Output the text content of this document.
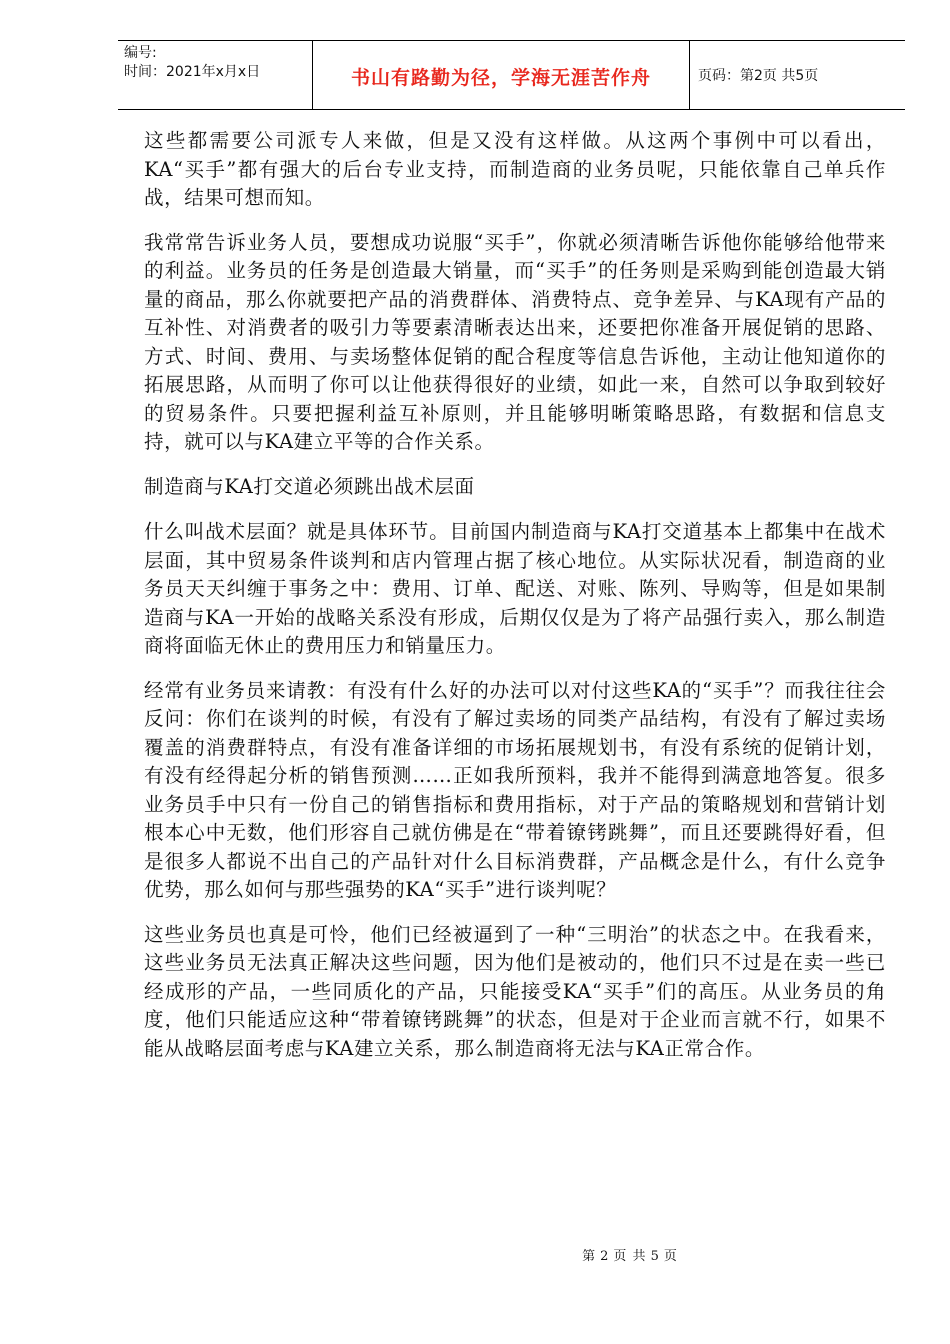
编号:
时间：2021年x月x日	书山有路勤为径，学海无涯苦作舟	页码：第2页 共5页

这些都需要公司派专人来做，但是又没有这样做。从这两个事例中可以看出，KA“买手”都有强大的后台专业支持，而制造商的业务员呢，只能依靠自己单兵作战，结果可想而知。

我常常告诉业务人员，要想成功说服“买手”，你就必须清晰告诉他你能够给他带来的利益。业务员的任务是创造最大销量，而“买手”的任务则是采购到能创造最大销量的商品，那么你就要把产品的消费群体、消费特点、竞争差异、与KA现有产品的互补性、对消费者的吸引力等要素清晰表达出来，还要把你准备开展促销的思路、方式、时间、费用、与卖场整体促销的配合程度等信息告诉他，主动让他知道你的拓展思路，从而明了你可以让他获得很好的业绩，如此一来，自然可以争取到较好的贸易条件。只要把握利益互补原则，并且能够明晰策略思路，有数据和信息支持，就可以与KA建立平等的合作关系。

制造商与KA打交道必须跳出战术层面

什么叫战术层面？就是具体环节。目前国内制造商与KA打交道基本上都集中在战术层面，其中贸易条件谈判和店内管理占据了核心地位。从实际状况看，制造商的业务员天天纠缠于事务之中：费用、订单、配送、对账、陈列、导购等，但是如果制造商与KA一开始的战略关系没有形成，后期仅仅是为了将产品强行卖入，那么制造商将面临无休止的费用压力和销量压力。

经常有业务员来请教：有没有什么好的办法可以对付这些KA的“买手”？而我往往会反问：你们在谈判的时候，有没有了解过卖场的同类产品结构，有没有了解过卖场覆盖的消费群特点，有没有准备详细的市场拓展规划书，有没有系统的促销计划，有没有经得起分析的销售预测……正如我所预料，我并不能得到满意地答复。很多业务员手中只有一份自己的销售指标和费用指标，对于产品的策略规划和营销计划根本心中无数，他们形容自己就仿佛是在“带着镣铐跳舞”，而且还要跳得好看，但是很多人都说不出自己的产品针对什么目标消费群，产品概念是什么，有什么竞争优势，那么如何与那些强势的KA“买手”进行谈判呢？

这些业务员也真是可怜，他们已经被逼到了一种“三明治”的状态之中。在我看来，这些业务员无法真正解决这些问题，因为他们是被动的，他们只不过是在卖一些已经成形的产品，一些同质化的产品，只能接受KA“买手”们的高压。从业务员的角度，他们只能适应这种“带着镣铐跳舞”的状态，但是对于企业而言就不行，如果不能从战略层面考虑与KA建立关系，那么制造商将无法与KA正常合作。

第 2 页 共 5 页
